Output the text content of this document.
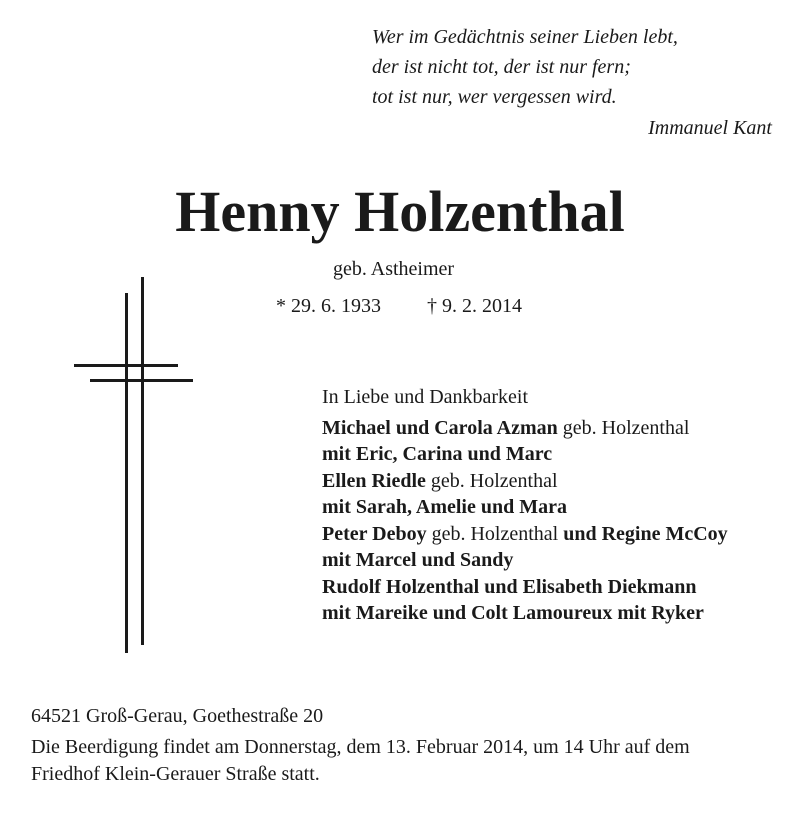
Wer im Gedächtnis seiner Lieben lebt,
der ist nicht tot, der ist nur fern;
tot ist nur, wer vergessen wird.
Immanuel Kant
Henny Holzenthal
geb. Astheimer
* 29. 6. 1933 † 9. 2. 2014
In Liebe und Dankbarkeit
Michael und Carola Azman geb. Holzenthal
mit Eric, Carina und Marc
Ellen Riedle geb. Holzenthal
mit Sarah, Amelie und Mara
Peter Deboy geb. Holzenthal und Regine McCoy
mit Marcel und Sandy
Rudolf Holzenthal und Elisabeth Diekmann
mit Mareike und Colt Lamoureux mit Ryker
64521 Groß-Gerau, Goethestraße 20
Die Beerdigung findet am Donnerstag, dem 13. Februar 2014, um 14 Uhr auf dem
Friedhof Klein-Gerauer Straße statt.
